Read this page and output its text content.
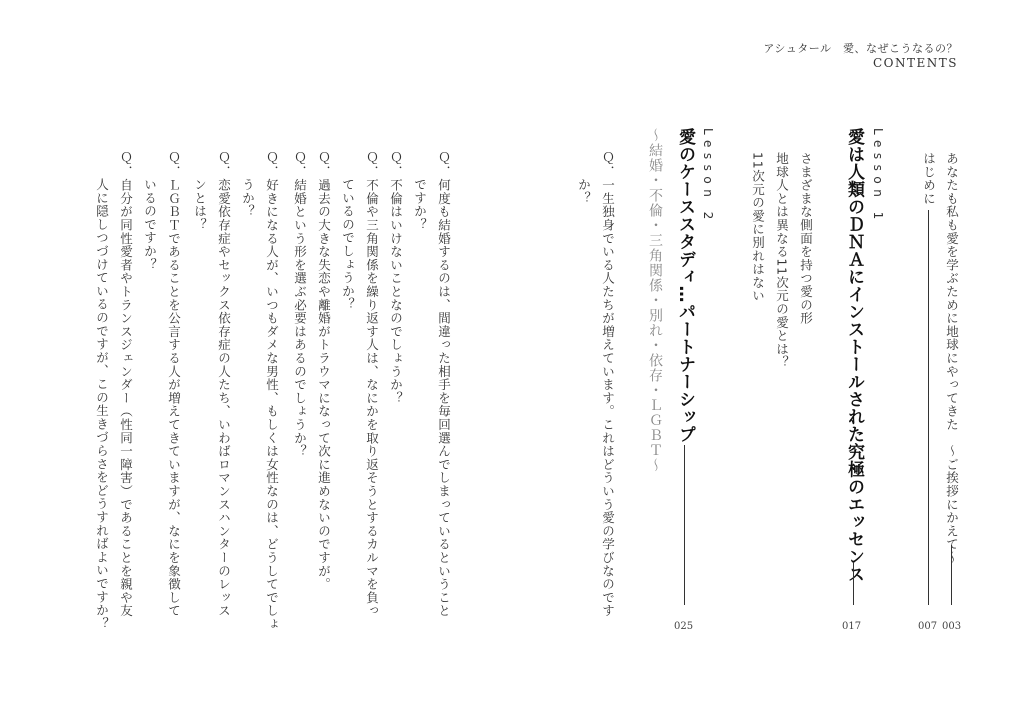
アシュタール　愛、なぜこうなるの？
CONTENTS
あなたも私も愛を学ぶために地球にやってきた　〜ご挨拶にかえて〜
003
はじめに
007
Lesson 1
愛は人類のＤＮＡにインストールされた究極のエッセンス
017
さまざまな側面を持つ愛の形
地球人とは異なる11次元の愛とは？
11次元の愛に別れはない
Lesson 2
愛のケーススタディ…パートナーシップ
025
〜結婚・不倫・三角関係・別れ・依存・ＬＧＢＴ〜
Ｑ．一生独身でいる人たちが増えています。これはどういう愛の学びなのです
か？
Ｑ．何度も結婚するのは、間違った相手を毎回選んでしまっているということ
ですか？
Ｑ．不倫はいけないことなのでしょうか？
Ｑ．不倫や三角関係を繰り返す人は、なにかを取り返そうとするカルマを負っ
ているのでしょうか？
Ｑ．過去の大きな失恋や離婚がトラウマになって次に進めないのですが。
Ｑ．結婚という形を選ぶ必要はあるのでしょうか？
Ｑ．好きになる人が、いつもダメな男性、もしくは女性なのは、どうしてでしょ
うか？
Ｑ．恋愛依存症やセックス依存症の人たち、いわばロマンスハンターのレッス
ンとは？
Ｑ．ＬＧＢＴであることを公言する人が増えてきていますが、なにを象徴して
いるのですか？
Ｑ．自分が同性愛者やトランスジェンダー（性同一障害）であることを親や友
人に隠しつづけているのですが、この生きづらさをどうすればよいですか？
